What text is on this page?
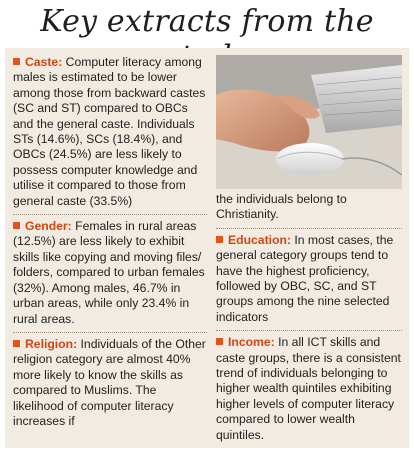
Key extracts from the

Caste: Computer literacy among males is estimated to be lower among those from backward castes (SC and ST) compared to OBCs and the general caste. Individuals STs (14.6%), SCs (18.4%), and OBCs (24.5%) are less likely to possess computer knowledge and utilise it compared to those from general caste (33.5%)

Gender: Females in rural areas (12.5%) are less likely to exhibit skills like copying and moving files/ folders, compared to urban females (32%). Among males, 46.7% in urban areas, while only 23.4% in rural areas.

Religion: Individuals of the Other religion category are almost 40% more likely to know the skills as compared to Muslims. The likelihood of computer literacy increases if

the individuals belong to Christianity.

Education: In most cases, the general category groups tend to have the highest proficiency, followed by OBC, SC, and ST groups among the nine selected indicators

Income: In all ICT skills and caste groups, there is a consistent trend of individuals belonging to higher wealth quintiles exhibiting higher levels of computer literacy compared to lower wealth quintiles.
